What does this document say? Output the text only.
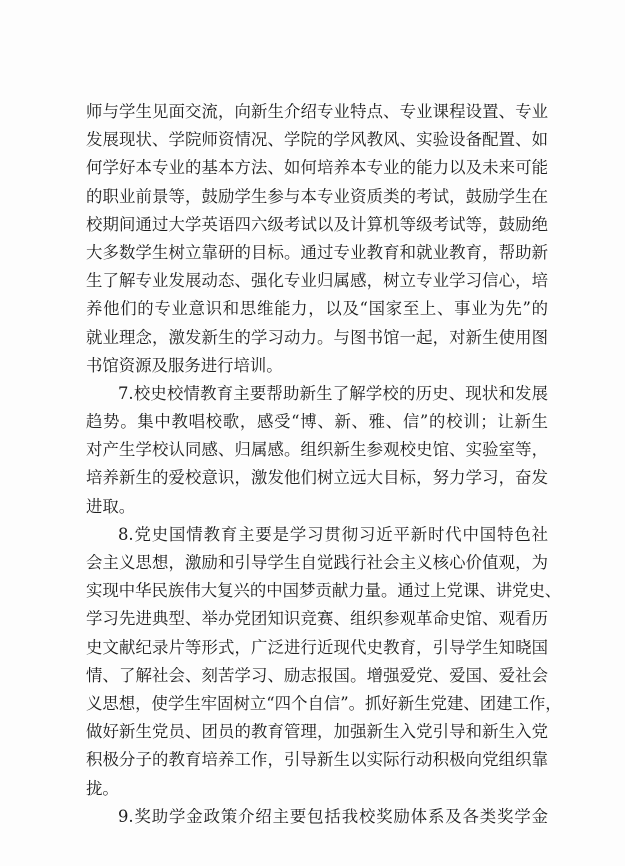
师与学生见面交流，向新生介绍专业特点、专业课程设置、专业
发展现状、学院师资情况、学院的学风教风、实验设备配置、如
何学好本专业的基本方法、如何培养本专业的能力以及未来可能
的职业前景等，鼓励学生参与本专业资质类的考试，鼓励学生在
校期间通过大学英语四六级考试以及计算机等级考试等，鼓励绝
大多数学生树立靠研的目标。通过专业教育和就业教育，帮助新
生了解专业发展动态、强化专业归属感，树立专业学习信心，培
养他们的专业意识和思维能力，以及“国家至上、事业为先”的
就业理念，激发新生的学习动力。与图书馆一起，对新生使用图
书馆资源及服务进行培训。
7.校史校情教育主要帮助新生了解学校的历史、现状和发展
趋势。集中教唱校歌，感受“博、新、雅、信”的校训；让新生
对产生学校认同感、归属感。组织新生参观校史馆、实验室等，
培养新生的爱校意识，激发他们树立远大目标，努力学习，奋发
进取。
8.党史国情教育主要是学习贯彻习近平新时代中国特色社
会主义思想，激励和引导学生自觉践行社会主义核心价值观，为
实现中华民族伟大复兴的中国梦贡献力量。通过上党课、讲党史、
学习先进典型、举办党团知识竞赛、组织参观革命史馆、观看历
史文献纪录片等形式，广泛进行近现代史教育，引导学生知晓国
情、了解社会、刻苦学习、励志报国。增强爱党、爱国、爱社会
义思想，使学生牢固树立“四个自信”。抓好新生党建、团建工作，
做好新生党员、团员的教育管理，加强新生入党引导和新生入党
积极分子的教育培养工作，引导新生以实际行动积极向党组织靠
拢。
9.奖助学金政策介绍主要包括我校奖励体系及各类奖学金
